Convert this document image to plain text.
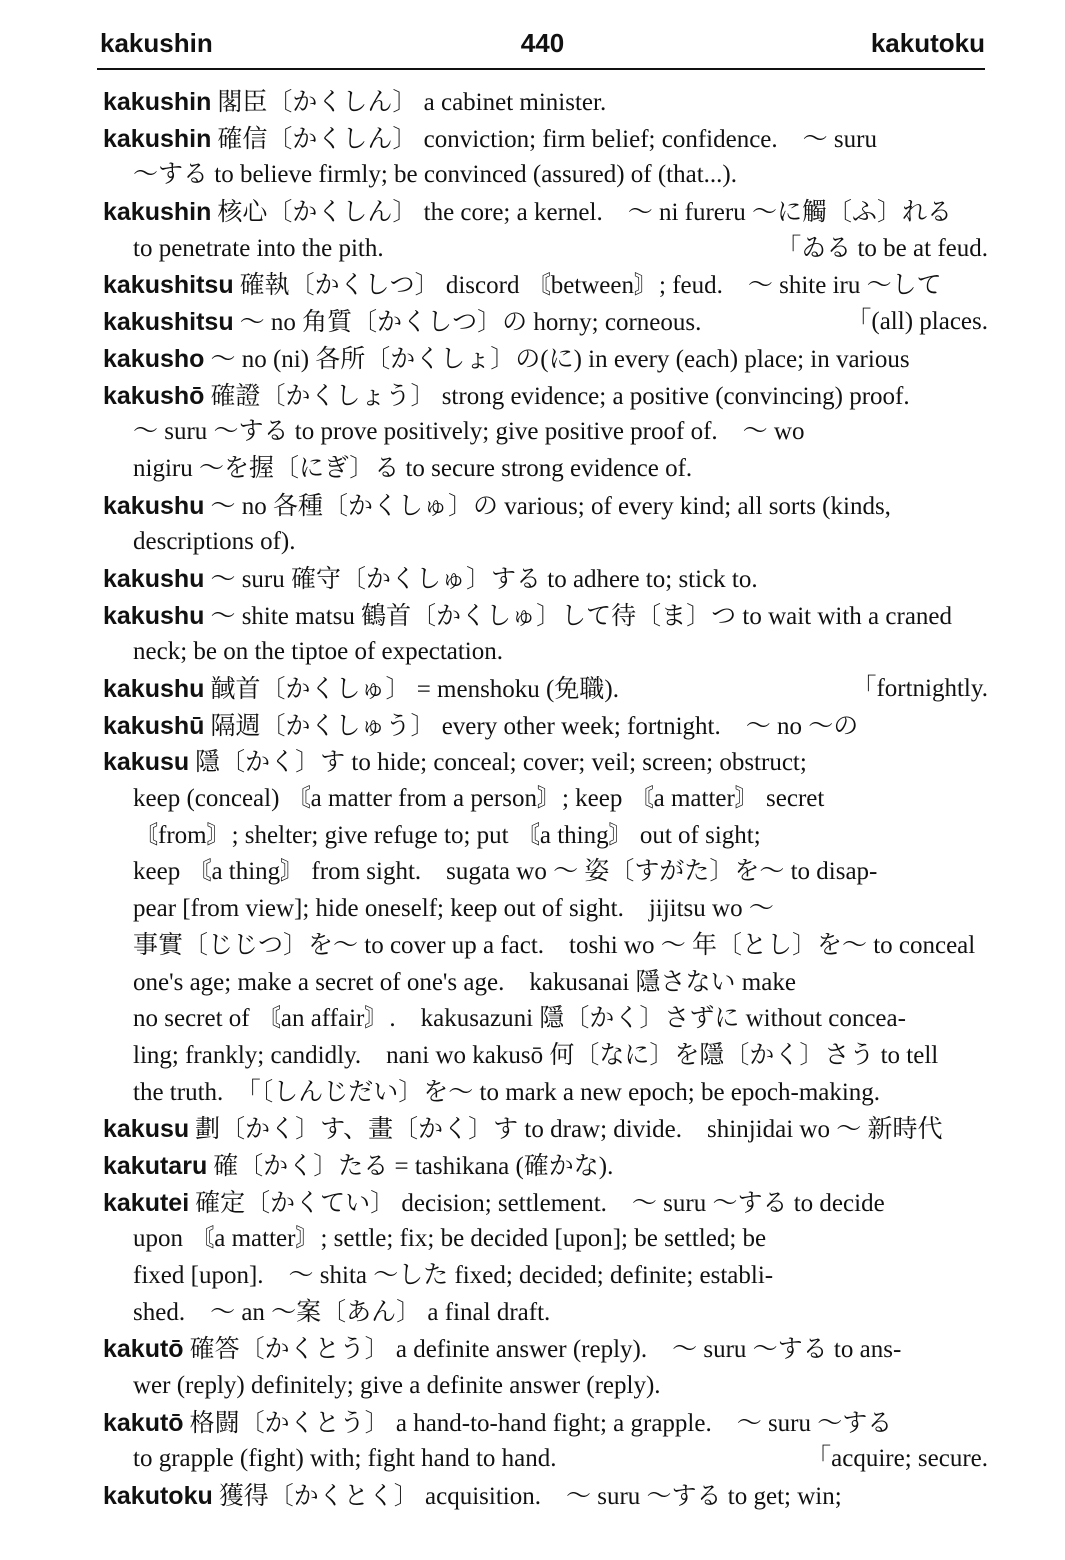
kakushin	440	kakutoku
kakushin 閣臣〔かくしん〕 a cabinet minister.
kakushin 確信〔かくしん〕 conviction; firm belief; confidence.　～ suru
～する to believe firmly; be convinced (assured) of (that...).
kakushin 核心〔かくしん〕 the core; a kernel.　～ ni fureru ～に觸〔ふ〕れる
to penetrate into the pith.	「ゐる to be at feud.
kakushitsu 確執〔かくしつ〕 discord 〘between〙; feud.　～ shite iru ～して
kakushitsu ～ no 角質〔かくしつ〕の horny; corneous.	「(all) places.
kakusho ～ no (ni) 各所〔かくしょ〕の(に) in every (each) place; in various
kakushō 確證〔かくしょう〕 strong evidence; a positive (convincing) proof.
～ suru ～する to prove positively; give positive proof of.　～ wo
nigiru ～を握〔にぎ〕る to secure strong evidence of.
kakushu ～ no 各種〔かくしゅ〕の various; of every kind; all sorts (kinds,
descriptions of).
kakushu ～ suru 確守〔かくしゅ〕する to adhere to; stick to.
kakushu ～ shite matsu 鶴首〔かくしゅ〕して待〔ま〕つ to wait with a craned
neck; be on the tiptoe of expectation.
kakushu 馘首〔かくしゅ〕 = menshoku (免職).	「fortnightly.
kakushū 隔週〔かくしゅう〕 every other week; fortnight.　～ no ～の
kakusu 隱〔かく〕す to hide; conceal; cover; veil; screen; obstruct;
keep (conceal) 〘a matter from a person〙; keep 〘a matter〙 secret
〘from〙; shelter; give refuge to; put 〘a thing〙 out of sight;
keep 〘a thing〙 from sight.　sugata wo ～ 姿〔すがた〕を～ to disap-
pear [from view]; hide oneself; keep out of sight.　jijitsu wo ～
事實〔じじつ〕を～ to cover up a fact.　toshi wo ～ 年〔とし〕を～ to conceal
one's age; make a secret of one's age.　kakusanai 隱さない make
no secret of 〘an affair〙.　kakusazuni 隱〔かく〕さずに without concea-
ling; frankly; candidly.　nani wo kakusō 何〔なに〕を隱〔かく〕さう to tell
the truth.　「〔しんじだい〕を～ to mark a new epoch; be epoch-making.
kakusu 劃〔かく〕す、畫〔かく〕す to draw; divide.　shinjidai wo ～ 新時代
kakutaru 確〔かく〕たる = tashikana (確かな).
kakutei 確定〔かくてい〕 decision; settlement.　～ suru ～する to decide
upon 〘a matter〙; settle; fix; be decided [upon]; be settled; be
fixed [upon].　～ shita ～した fixed; decided; definite; establi-
shed.　～ an ～案〔あん〕 a final draft.
kakutō 確答〔かくとう〕 a definite answer (reply).　～ suru ～する to ans-
wer (reply) definitely; give a definite answer (reply).
kakutō 格闘〔かくとう〕 a hand-to-hand fight; a grapple.　～ suru ～する
to grapple (fight) with; fight hand to hand.	「acquire; secure.
kakutoku 獲得〔かくとく〕 acquisition.　～ suru ～する to get; win;
